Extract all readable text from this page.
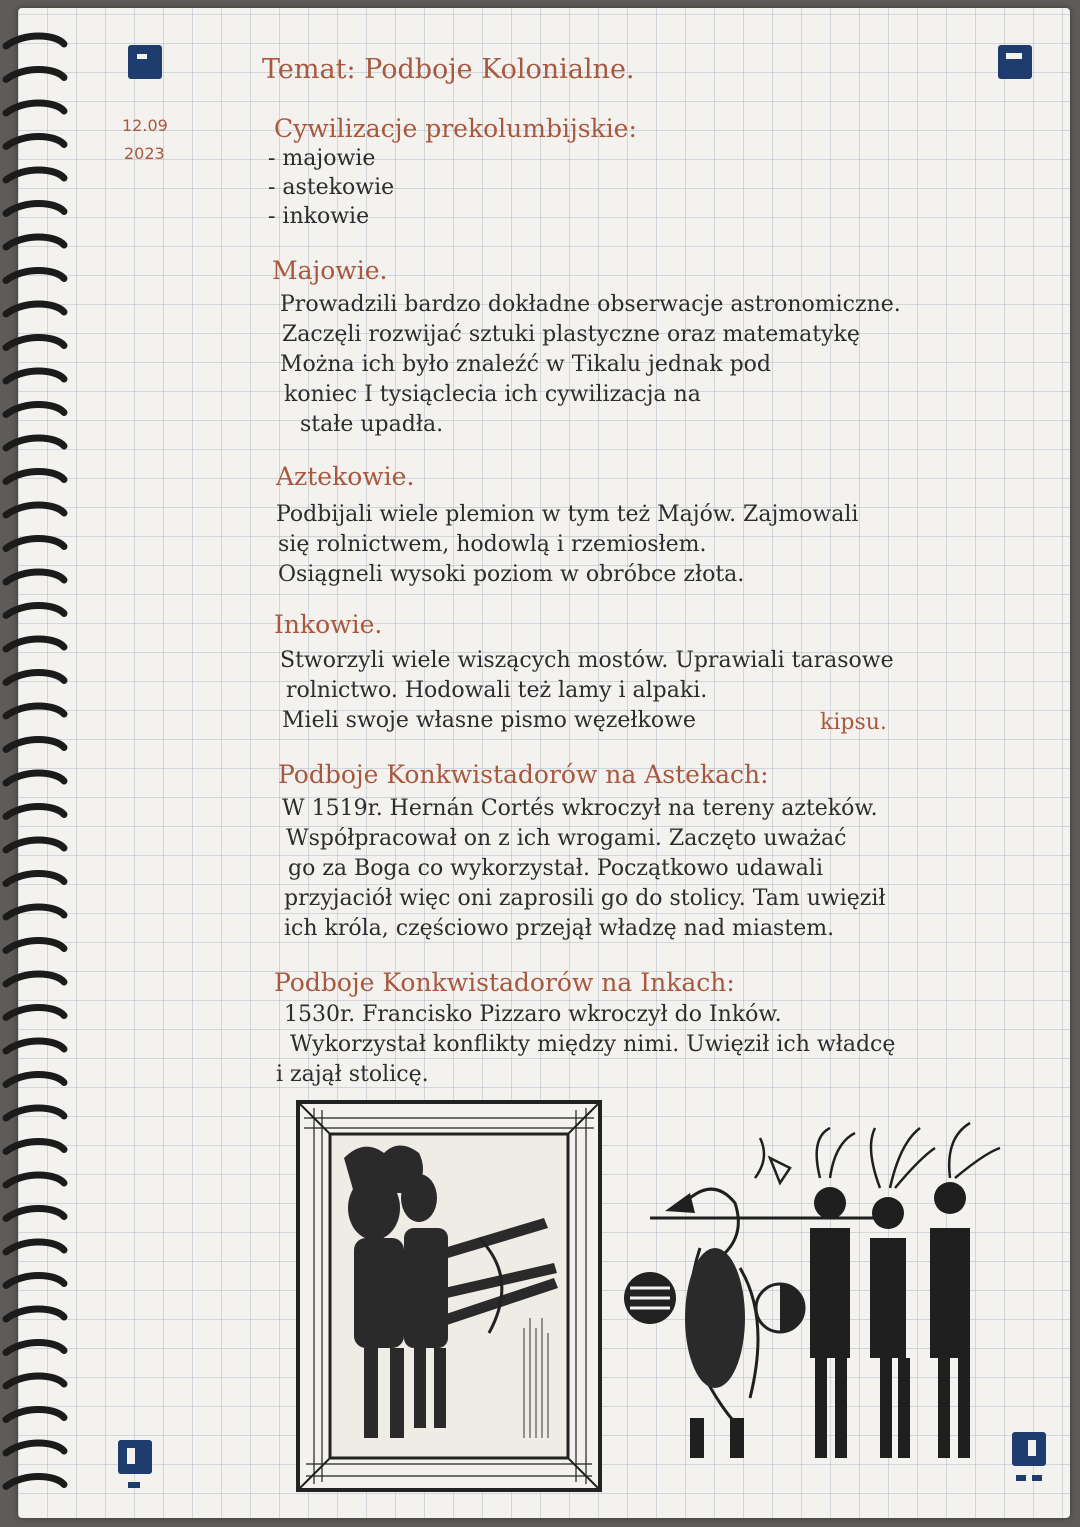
12.09
2023
Temat: Podboje Kolonialne.
Cywilizacje prekolumbijskie:
- majowie
- astekowie
- inkowie
Majowie.
Prowadzili bardzo dokładne obserwacje astronomiczne.
Zaczęli rozwijać sztuki plastyczne oraz matematykę
Można ich było znaleźć w Tikalu jednak pod
koniec I tysiąclecia ich cywilizacja na
stałe upadła.
Aztekowie.
Podbijali wiele plemion w tym też Majów. Zajmowali
się rolnictwem, hodowlą i rzemiosłem.
Osiągneli wysoki poziom w obróbce złota.
Inkowie.
Stworzyli wiele wiszących mostów. Uprawiali tarasowe
rolnictwo. Hodowali też lamy i alpaki.
Mieli swoje własne pismo węzełkowe	kipsu.
Podboje Konkwistadorów na Astekach:
W 1519r. Hernán Cortés wkroczył na tereny azteków.
Współpracował on z ich wrogami. Zaczęto uważać
go za Boga co wykorzystał. Początkowo udawali
przyjaciół więc oni zaprosili go do stolicy. Tam uwięził
ich króla, częściowo przejął władzę nad miastem.
Podboje Konkwistadorów na Inkach:
1530r. Francisko Pizzaro wkroczył do Inków.
Wykorzystał konflikty między nimi. Uwięził ich władcę
i zajął stolicę.
